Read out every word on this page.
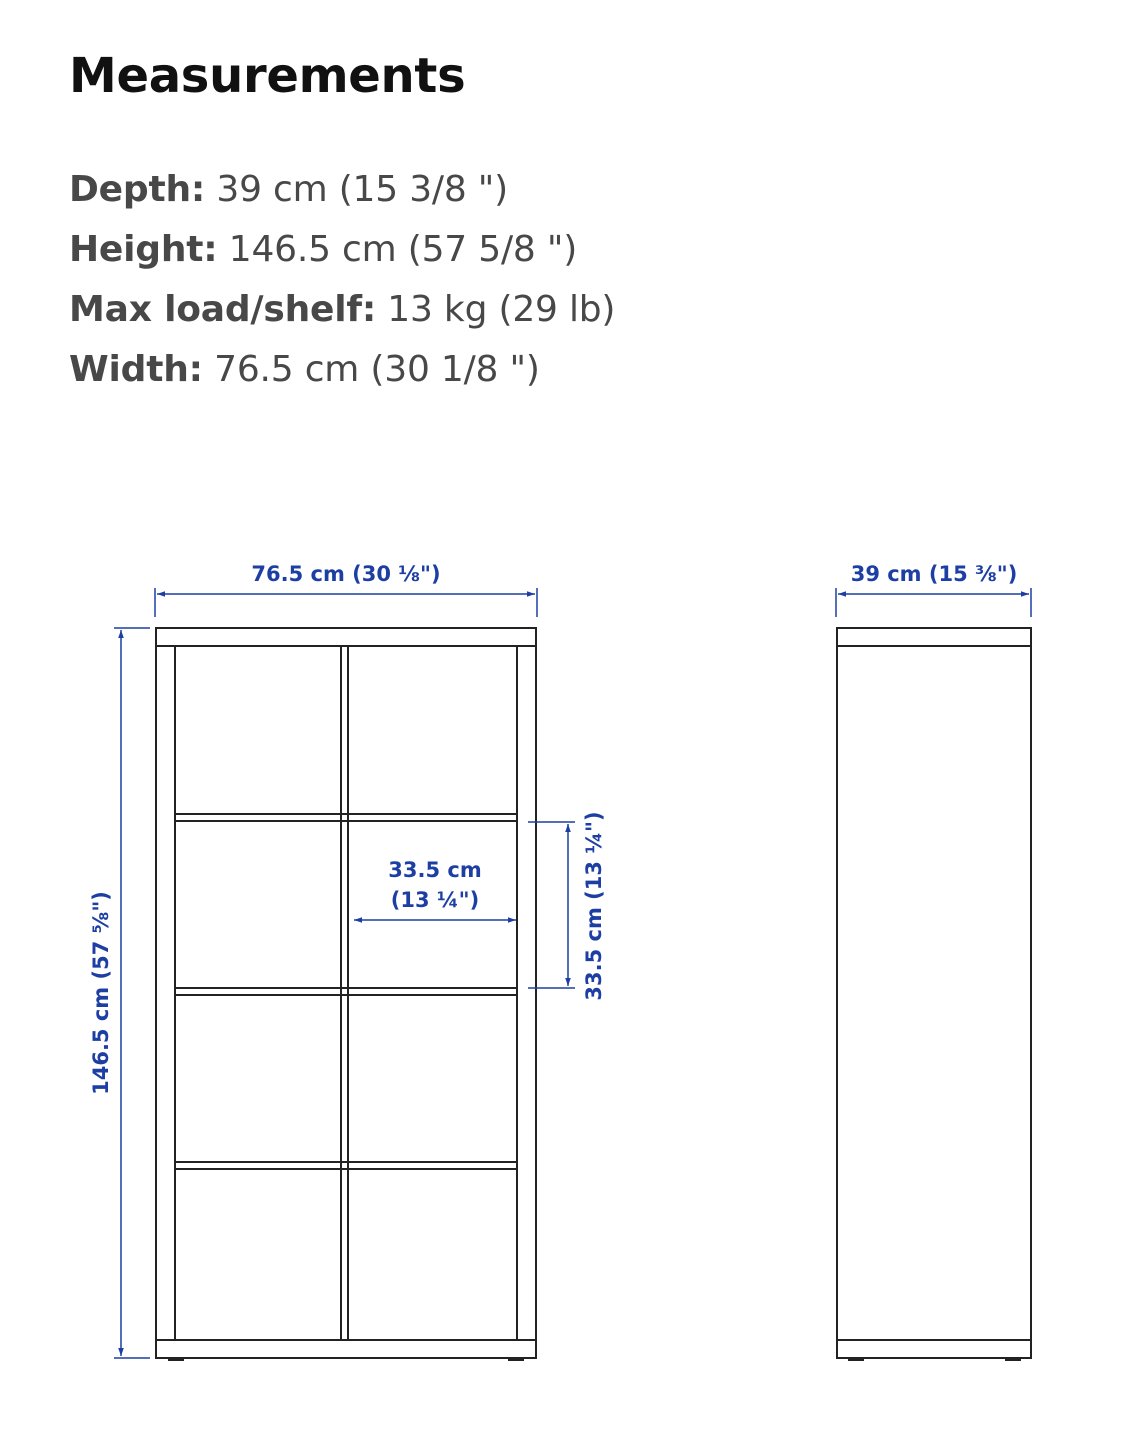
Measurements
Depth: 39 cm (15 3/8 ")
Height: 146.5 cm (57 5/8 ")
Max load/shelf: 13 kg (29 lb)
Width: 76.5 cm (30 1/8 ")
76.5 cm (30 ⅛")
146.5 cm (57 ⅝")
33.5 cm
(13 ¼")	33.5 cm (13 ¼")
39 cm (15 ⅜")
